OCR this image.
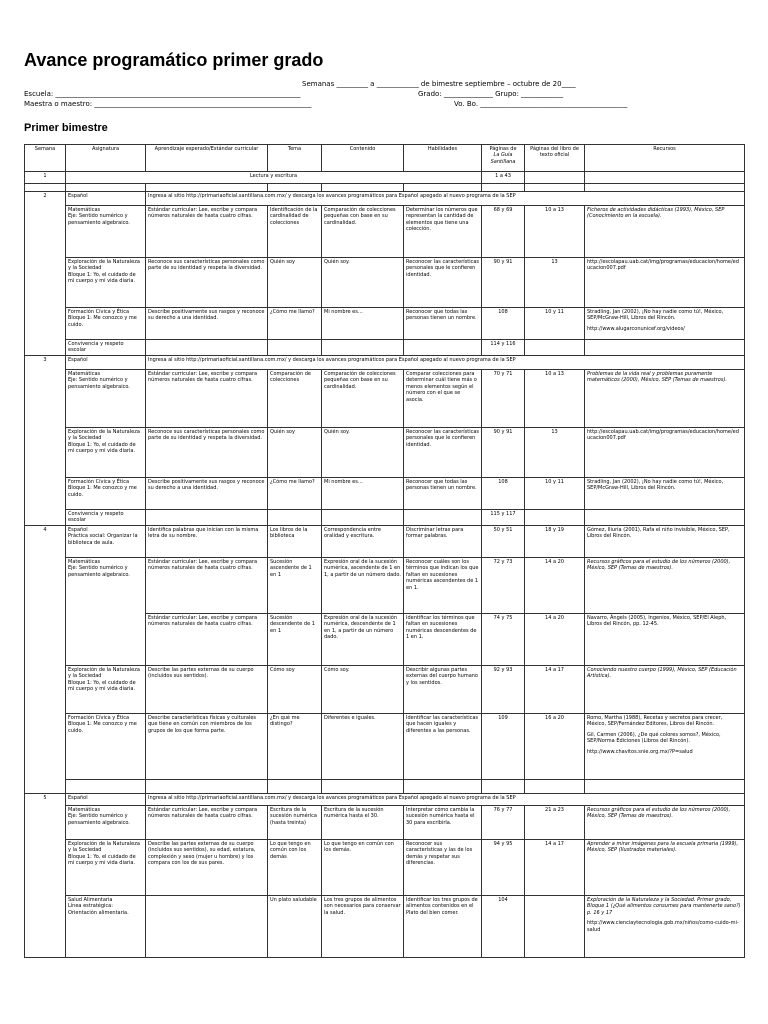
Avance programático primer grado
Semanas _________ a ____________ de bimestre septiembre – octubre de 20____
Escuela: ______________________________________________________________________	Grado: ______________ Grupo: ____________
Maestra o maestro: ______________________________________________________________	Vo. Bo. __________________________________________
Primer bimestre
Semana	Asignatura	Aprendizaje esperado/Estándar curricular	Tema	Contenido	Habilidades	Páginas de
La Guía Santillana	Páginas del libro de texto oficial	Recursos
1	Lectura y escritura					1 a 43		

2	Español	Ingresa al sitio http://primariaoficial.santillana.com.mx/ y descarga los avances programáticos para Español apegado al nuevo programa de la SEP						
	Matemáticas
Eje: Sentido numérico y pensamiento algebraico.	Estándar curricular: Lee, escribe y compara números naturales de hasta cuatro cifras.	Identificación de la cardinalidad de colecciones	Comparación de colecciones pequeñas con base en su cardinalidad.	Determinar los números que representan la cantidad de elementos que tiene una colección.	68 y 69	10 a 13	Ficheros de actividades didácticas (1993), México, SEP (Conocimiento en la escuela).
	Exploración de la Naturaleza y la Sociedad
Bloque 1: Yo, el cuidado de mi cuerpo y mi vida diaria.	Reconoce sus características personales como parte de su identidad y respeta la diversidad.	Quién soy	Quién soy.	Reconocer las características personales que le confieren identidad.	90 y 91	13	http://escolapau.uab.cat/img/programas/educacion/home/educacion007.pdf
	Formación Cívica y Ética
Bloque 1: Me conozco y me cuido.	Describe positivamente sus rasgos y reconoce su derecho a una identidad.	¿Cómo me llamo?	Mi nombre es…	Reconocer que todas las personas tienen un nombre.	108	10 y 11	Stradling, Jan (2002), ¡No hay nadie como tú!, México, SEP/McGraw-Hill, Libros del Rincón.
http://www.alugarconunicef.org/videos/

	Convivencia y respeto escolar					114 y 116		
3	Español	Ingresa al sitio http://primariaoficial.santillana.com.mx/ y descarga los avances programáticos para Español apegado al nuevo programa de la SEP						
	Matemáticas
Eje: Sentido numérico y pensamiento algebraico.	Estándar curricular: Lee, escribe y compara números naturales de hasta cuatro cifras.	Comparación de colecciones	Comparación de colecciones pequeñas con base en su cardinalidad.	Comparar colecciones para determinar cuál tiene más o menos elementos según el número con el que se asocia.	70 y 71	10 a 13	Problemas de la vida real y problemas puramente matemáticos (2000), México, SEP (Temas de maestros).
	Exploración de la Naturaleza y la Sociedad
Bloque 1: Yo, el cuidado de mi cuerpo y mi vida diaria.	Reconoce sus características personales como parte de su identidad y respeta la diversidad.	Quién soy	Quién soy.	Reconocer las características personales que le confieren identidad.	90 y 91	13	http://escolapau.uab.cat/img/programas/educacion/home/educacion007.pdf
	Formación Cívica y Ética
Bloque 1: Me conozco y me cuido.	Describe positivamente sus rasgos y reconoce su derecho a una identidad.	¿Cómo me llamo?	Mi nombre es…	Reconocer que todas las personas tienen un nombre.	108	10 y 11	Stradling, Jan (2002), ¡No hay nadie como tú!, México, SEP/McGraw-Hill, Libros del Rincón.
	Convivencia y respeto escolar					115 y 117		
4	Español
Práctica social: Organizar la biblioteca de aula.	Identifica palabras que inician con la misma letra de su nombre.	Los libros de la biblioteca	Correspondencia entre oralidad y escritura.	Discriminar letras para formar palabras.	50 y 51	18 y 19	Gómez, Iliuria (2001), Rafa el niño invisible, México, SEP, Libros del Rincón.
	Matemáticas
Eje: Sentido numérico y pensamiento algebraico.	Estándar curricular: Lee, escribe y compara números naturales de hasta cuatro cifras.	Sucesión ascendente de 1 en 1	Expresión oral de la sucesión numérica, ascendente de 1 en 1, a partir de un número dado.	Reconocer cuáles son los términos que indican los que faltan en sucesiones numéricas ascendentes de 1 en 1.	72 y 73	14 a 20	Recursos gráficos para el estudio de los números (2000), México, SEP (Temas de maestros).
		Estándar curricular: Lee, escribe y compara números naturales de hasta cuatro cifras.	Sucesión descendente de 1 en 1	Expresión oral de la sucesión numérica, descendente de 1 en 1, a partir de un número dado.	Identificar los términos que faltan en sucesiones numéricas descendentes de 1 en 1.	74 y 75	14 a 20	Navarro, Ángels (2005), Ingenios, México, SEP/El Aleph, Libros del Rincón, pp. 12-45.
	Exploración de la Naturaleza y la Sociedad
Bloque 1: Yo, el cuidado de mi cuerpo y mi vida diaria.	Describe las partes externas de su cuerpo (incluidos sus sentidos).	Cómo soy	Cómo soy.	Describir algunas partes externas del cuerpo humano y los sentidos.	92 y 93	14 a 17	Conociendo nuestro cuerpo (1999), México, SEP (Educación Artística).
	Formación Cívica y Ética
Bloque 1: Me conozco y me cuido.	Describe características físicas y culturales que tiene en común con miembros de los grupos de los que forma parte.	¿En qué me distingo?	Diferentes e iguales.	Identificar las características que hacen iguales y diferentes a las personas.	109	16 a 20	Romo, Martha (1988), Recetas y secretos para crecer, México, SEP/Fernández Editores, Libros del Rincón.
Gil, Carmen (2006), ¿De qué colores somos?, México, SEP/Norma Ediciones (Libros del Rincón).
http://www.chavitos.snie.org.mx/?P=salud

5	Español	Ingresa al sitio http://primariaoficial.santillana.com.mx/ y descarga los avances programáticos para Español apegado al nuevo programa de la SEP						
	Matemáticas
Eje: Sentido numérico y pensamiento algebraico.	Estándar curricular: Lee, escribe y compara números naturales de hasta cuatro cifras.	Escritura de la sucesión numérica (hasta treinta)	Escritura de la sucesión numérica hasta el 30.	Interpretar cómo cambia la sucesión numérica hasta el 30 para escribirla.	76 y 77	21 a 23	Recursos gráficos para el estudio de los números (2000), México, SEP (Temas de maestros).
	Exploración de la Naturaleza y la Sociedad
Bloque 1: Yo, el cuidado de mi cuerpo y mi vida diaria.	Describe las partes externas de su cuerpo (incluidos sus sentidos), su edad, estatura, complexión y sexo (mujer u hombre) y los compara con los de sus pares.	Lo que tengo en común con los demás	Lo que tengo en común con los demás.	Reconocer sus características y las de los demás y respetar sus diferencias.	94 y 95	14 a 17	Aprender a mirar imágenes para la escuela primaria (1999), México, SEP (Ilustrados materiales).
	Salud Alimentaria
Línea estratégica:
Orientación alimentaria.		Un plato saludable	Los tres grupos de alimentos son necesarios para conservar la salud.	Identificar los tres grupos de alimentos contenidos en el Plato del bien comer.	104		Exploración de la Naturaleza y la Sociedad. Primer grado, Bloque 1 (¿Qué alimentos consumes para mantenerte sano?) p. 16 y 17
http://www.cienciaytecnologia.gob.mx/niños/como-cuido-mi-salud
